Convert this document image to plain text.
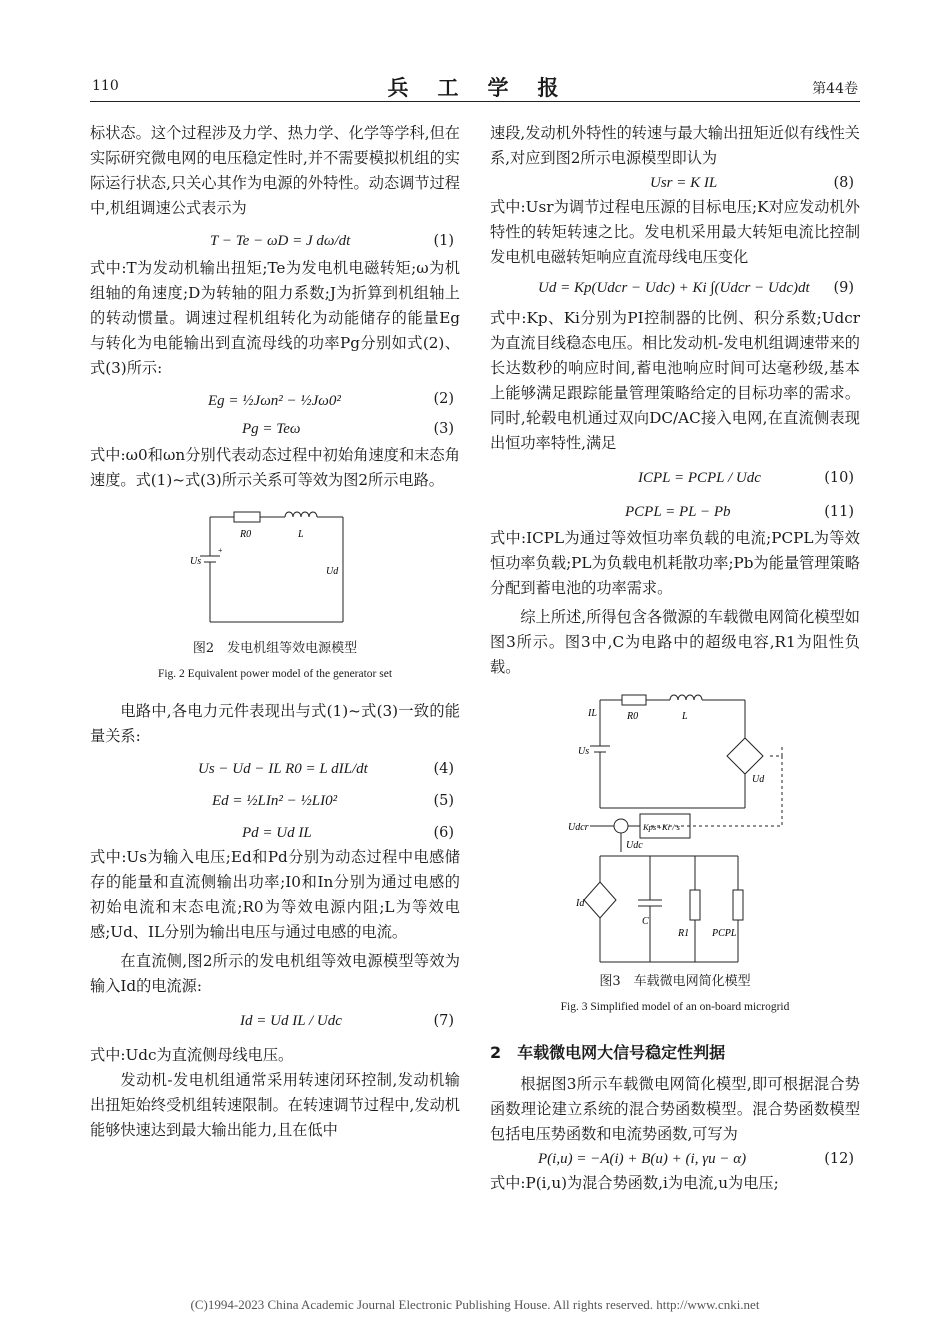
110	兵　工　学　报	第44卷

标状态。这个过程涉及力学、热力学、化学等学科,但在实际研究微电网的电压稳定性时,并不需要模拟机组的实际运行状态,只关心其作为电源的外特性。动态调节过程中,机组调速公式表示为

T − Te − ωD = J dω/dt	(1)

式中:T为发动机输出扭矩;Te为发电机电磁转矩;ω为机组轴的角速度;D为转轴的阻力系数;J为折算到机组轴上的转动惯量。调速过程机组转化为动能储存的能量Eg与转化为电能输出到直流母线的功率Pg分别如式(2)、式(3)所示:

Eg = ½Jωn² − ½Jω0²	(2)
Pg = Teω	(3)

式中:ω0和ωn分别代表动态过程中初始角速度和末态角速度。式(1)~式(3)所示关系可等效为图2所示电路。

R0	L
Us
Ud
+
图2　发电机组等效电源模型
Fig. 2 Equivalent power model of the generator set

电路中,各电力元件表现出与式(1)~式(3)一致的能量关系:

Us − Ud − IL R0 = L dIL/dt	(4)
Ed = ½LIn² − ½LI0²	(5)
Pd = Ud IL	(6)

式中:Us为输入电压;Ed和Pd分别为动态过程中电感储存的能量和直流侧输出功率;I0和In分别为通过电感的初始电流和末态电流;R0为等效电源内阻;L为等效电感;Ud、IL分别为输出电压与通过电感的电流。

在直流侧,图2所示的发电机组等效电源模型等效为输入Id的电流源:

Id = Ud IL / Udc	(7)

式中:Udc为直流侧母线电压。

发动机-发电机组通常采用转速闭环控制,发动机输出扭矩始终受机组转速限制。在转速调节过程中,发动机能够快速达到最大输出能力,且在低中

速段,发动机外特性的转速与最大输出扭矩近似有线性关系,对应到图2所示电源模型即认为

Usr = K IL	(8)

式中:Usr为调节过程电压源的目标电压;K对应发动机外特性的转矩转速之比。发电机采用最大转矩电流比控制发电机电磁转矩响应直流母线电压变化

Ud = Kp(Udcr − Udc) + Ki ∫(Udcr − Udc)dt (9)

式中:Kp、Ki分别为PI控制器的比例、积分系数;Udcr为直流目线稳态电压。相比发动机-发电机组调速带来的长达数秒的响应时间,蓄电池响应时间可达毫秒级,基本上能够满足跟踪能量管理策略给定的目标功率的需求。同时,轮毂电机通过双向DC/AC接入电网,在直流侧表现出恒功率特性,满足

ICPL = PCPL / Udc	(10)
PCPL = PL − Pb	(11)

式中:ICPL为通过等效恒功率负载的电流;PCPL为等效恒功率负载;PL为负载电机耗散功率;Pb为能量管理策略分配到蓄电池的功率需求。

综上所述,所得包含各微源的车载微电网简化模型如图3所示。图3中,C为电路中的超级电容,R1为阻性负载。

IL	R0	L
Us
Ud
Udcr	Kps+Ki / s
Udc
Id
C
R1 PCPL
图3　车载微电网简化模型
Fig. 3 Simplified model of an on-board microgrid

2　车载微电网大信号稳定性判据

根据图3所示车载微电网简化模型,即可根据混合势函数理论建立系统的混合势函数模型。混合势函数模型包括电压势函数和电流势函数,可写为

P(i,u) = −A(i) + B(u) + (i, γu − α)	(12)

式中:P(i,u)为混合势函数,i为电流,u为电压;

(C)1994-2023 China Academic Journal Electronic Publishing House. All rights reserved. http://www.cnki.net
